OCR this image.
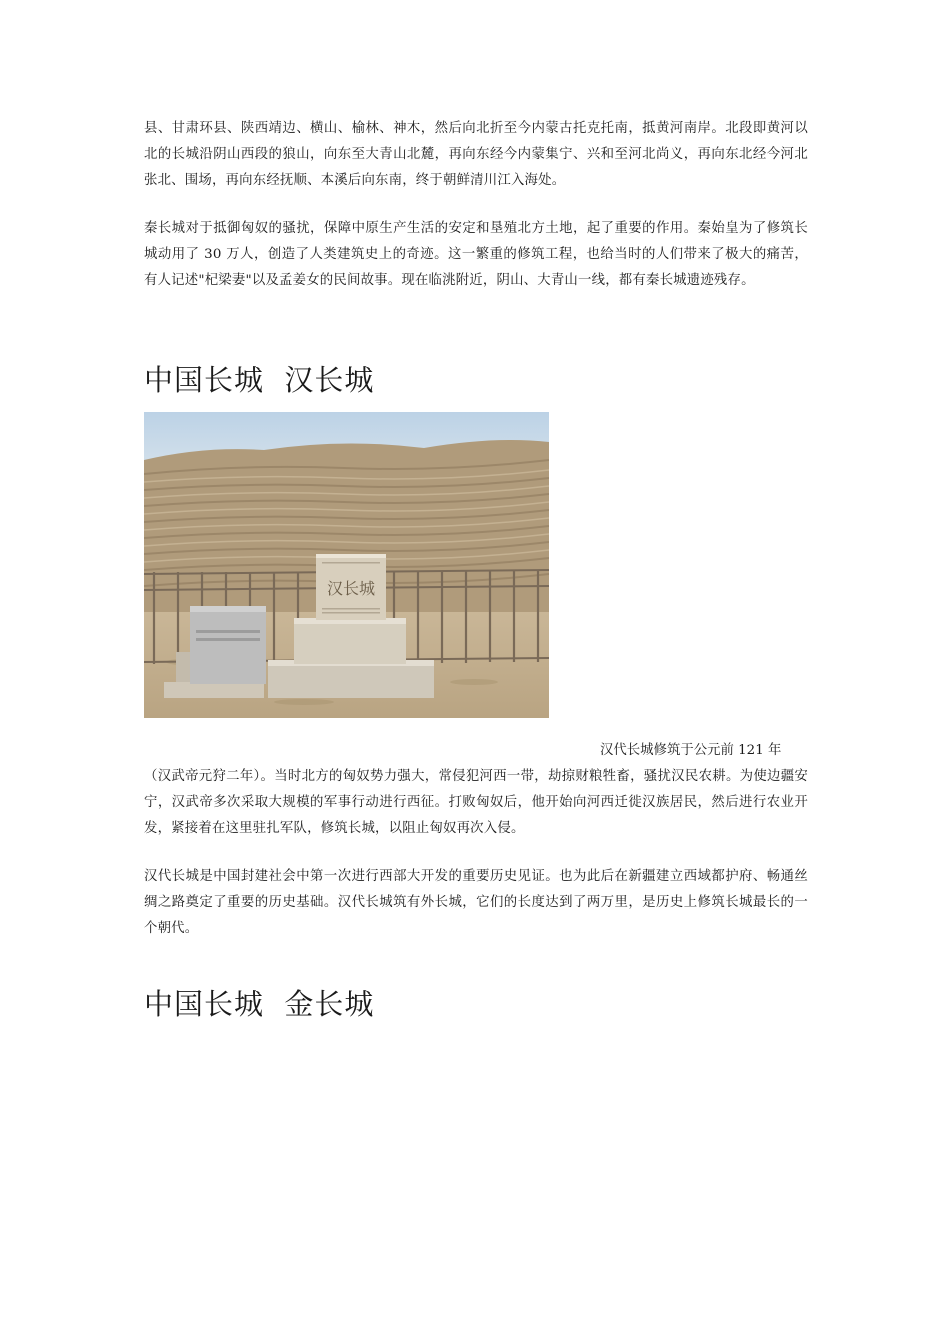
县、甘肃环县、陕西靖边、横山、榆林、神木，然后向北折至今内蒙古托克托南，抵黄河南岸。北段即黄河以北的长城沿阴山西段的狼山，向东至大青山北麓，再向东经今内蒙集宁、兴和至河北尚义，再向东北经今河北张北、围场，再向东经抚顺、本溪后向东南，终于朝鲜清川江入海处。

秦长城对于抵御匈奴的骚扰，保障中原生产生活的安定和垦殖北方土地，起了重要的作用。秦始皇为了修筑长城动用了 30 万人，创造了人类建筑史上的奇迹。这一繁重的修筑工程，也给当时的人们带来了极大的痛苦，有人记述"杞梁妻"以及孟姜女的民间故事。现在临洮附近，阴山、大青山一线，都有秦长城遗迹残存。

中国长城  汉长城
汉长城
汉代长城修筑于公元前 121 年

（汉武帝元狩二年）。当时北方的匈奴势力强大，常侵犯河西一带，劫掠财粮牲畜，骚扰汉民农耕。为使边疆安宁，汉武帝多次采取大规模的军事行动进行西征。打败匈奴后，他开始向河西迁徙汉族居民，然后进行农业开发，紧接着在这里驻扎军队，修筑长城，以阻止匈奴再次入侵。

汉代长城是中国封建社会中第一次进行西部大开发的重要历史见证。也为此后在新疆建立西域都护府、畅通丝绸之路奠定了重要的历史基础。汉代长城筑有外长城，它们的长度达到了两万里，是历史上修筑长城最长的一个朝代。

中国长城  金长城
